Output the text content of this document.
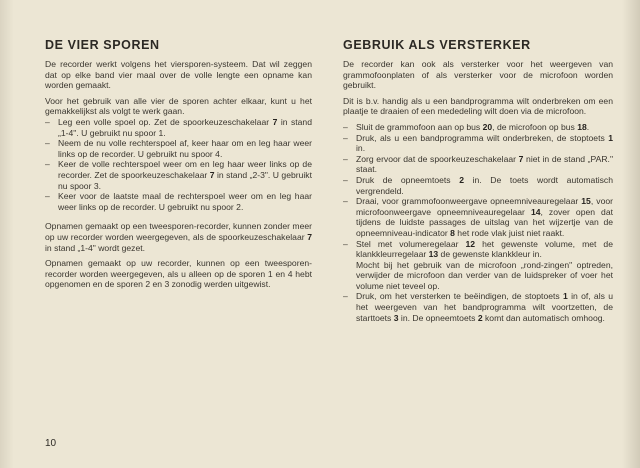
DE VIER SPOREN

De recorder werkt volgens het viersporen-systeem. Dat wil zeggen dat op elke band vier maal over de volle lengte een opname kan worden gemaakt.

Voor het gebruik van alle vier de sporen achter elkaar, kunt u het gemakkelijkst als volgt te werk gaan.

– Leg een volle spoel op. Zet de spoorkeuzeschakelaar 7 in stand „1-4". U gebruikt nu spoor 1.
– Neem de nu volle rechterspoel af, keer haar om en leg haar weer links op de recorder. U gebruikt nu spoor 4.
– Keer de volle rechterspoel weer om en leg haar weer links op de recorder. Zet de spoorkeuzeschakelaar 7 in stand „2-3". U gebruikt nu spoor 3.
– Keer voor de laatste maal de rechterspoel weer om en leg haar weer links op de recorder. U gebruikt nu spoor 2.

Opnamen gemaakt op een tweesporen-recorder, kunnen zonder meer op uw recorder worden weergegeven, als de spoorkeuzeschakelaar 7 in stand „1-4" wordt gezet.

Opnamen gemaakt op uw recorder, kunnen op een tweesporen-recorder worden weergegeven, als u alleen op de sporen 1 en 4 hebt opgenomen en de sporen 2 en 3 zonodig werden uitgewist.

10
GEBRUIK ALS VERSTERKER

De recorder kan ook als versterker voor het weergeven van grammofoonplaten of als versterker voor de microfoon worden gebruikt.

Dit is b.v. handig als u een bandprogramma wilt onderbreken om een plaatje te draaien of een mededeling wilt doen via de microfoon.

– Sluit de grammofoon aan op bus 20, de microfoon op bus 18.
– Druk, als u een bandprogramma wilt onderbreken, de stoptoets 1 in.
– Zorg ervoor dat de spoorkeuzeschakelaar 7 niet in de stand „PAR." staat.
– Druk de opneemtoets 2 in. De toets wordt automatisch vergrendeld.
– Draai, voor grammofoonweergave opneemniveauregelaar 15, voor microfoonweergave opneemniveauregelaar 14, zover open dat tijdens de luidste passages de uitslag van het wijzertje van de opneemniveau-indicator 8 het rode vlak juist niet raakt.
– Stel met volumeregelaar 12 het gewenste volume, met de klankkleurregelaar 13 de gewenste klankkleur in.
Mocht bij het gebruik van de microfoon „rond-zingen" optreden, verwijder de microfoon dan verder van de luidspreker of voer het volume niet teveel op.
– Druk, om het versterken te beëindigen, de stoptoets 1 in of, als u het weergeven van het bandprogramma wilt voortzetten, de starttoets 3 in. De opneemtoets 2 komt dan automatisch omhoog.
